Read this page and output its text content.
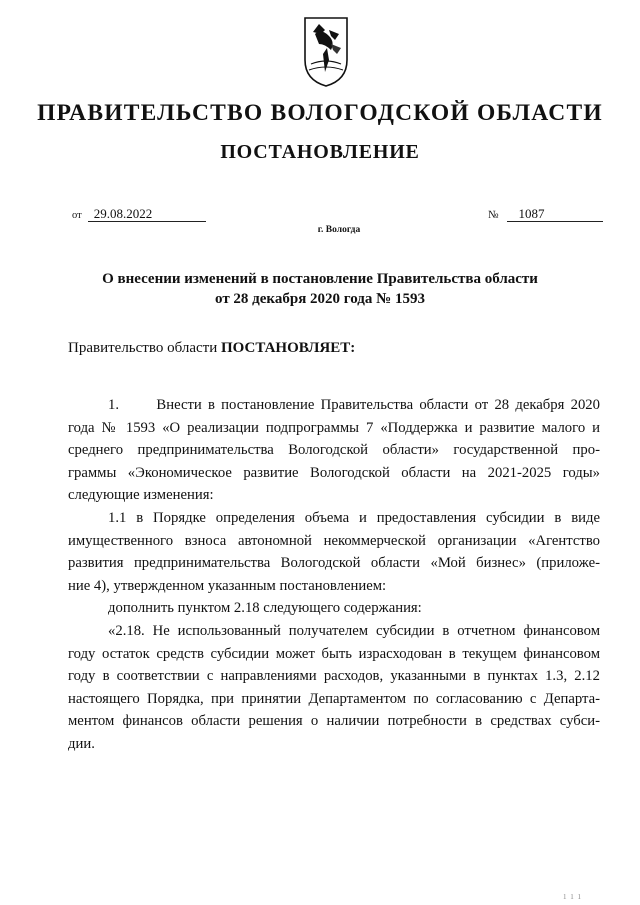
ПРАВИТЕЛЬСТВО ВОЛОГОДСКОЙ ОБЛАСТИ
ПОСТАНОВЛЕНИЕ
от 29.08.2022	№ 1087
г. Вологда
О внесении изменений в постановление Правительства области
от 28 декабря 2020 года № 1593
Правительство области ПОСТАНОВЛЯЕТ:
1.      Внести в постановление Правительства области от 28 декабря 2020
года № 1593 «О реализации подпрограммы 7 «Поддержка и развитие малого и
среднего предпринимательства Вологодской области» государственной про-
граммы «Экономическое развитие Вологодской области на 2021-2025 годы»
следующие изменения:
1.1 в Порядке определения объема и предоставления субсидии в виде
имущественного взноса автономной некоммерческой организации «Агентство
развития предпринимательства Вологодской области «Мой бизнес» (приложе-
ние 4), утвержденном указанным постановлением:
дополнить пунктом 2.18 следующего содержания:
«2.18. Не использованный получателем субсидии в отчетном финансовом
году остаток средств субсидии может быть израсходован в текущем финансовом
году в соответствии с направлениями расходов, указанными в пунктах 1.3, 2.12
настоящего Порядка, при принятии Департаментом по согласованию с Департа-
ментом финансов области решения о наличии потребности в средствах субси-
дии.
1 1 1
